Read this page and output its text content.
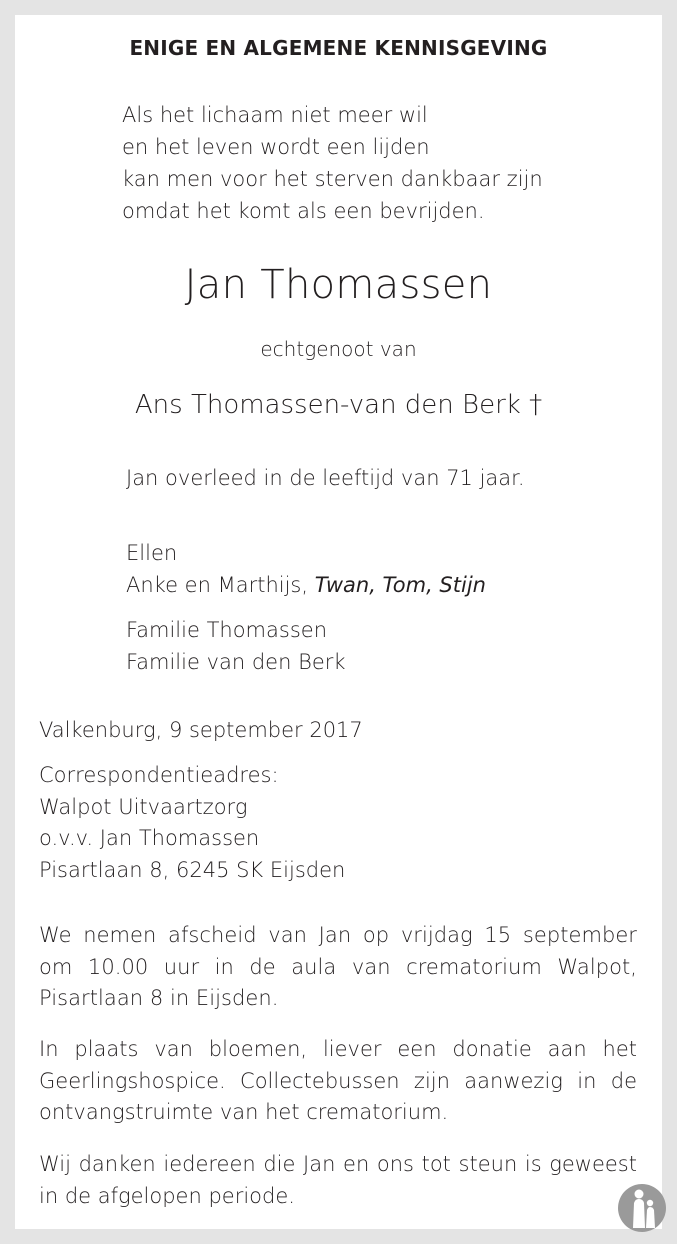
ENIGE EN ALGEMENE KENNISGEVING
Als het lichaam niet meer wil
en het leven wordt een lijden
kan men voor het sterven dankbaar zijn
omdat het komt als een bevrijden.
Jan Thomassen
echtgenoot van
Ans Thomassen-van den Berk †
Jan overleed in de leeftijd van 71 jaar.
Ellen
Anke en Marthijs, Twan, Tom, Stijn
Familie Thomassen
Familie van den Berk
Valkenburg, 9 september 2017
Correspondentieadres:
Walpot Uitvaartzorg
o.v.v. Jan Thomassen
Pisartlaan 8, 6245 SK Eijsden
We nemen afscheid van Jan op vrijdag 15 september om 10.00 uur in de aula van crematorium Walpot, Pisartlaan 8 in Eijsden.
In plaats van bloemen, liever een donatie aan het Geerlingshospice. Collectebussen zijn aanwezig in de ontvangstruimte van het crematorium.
Wij danken iedereen die Jan en ons tot steun is geweest in de afgelopen periode.
